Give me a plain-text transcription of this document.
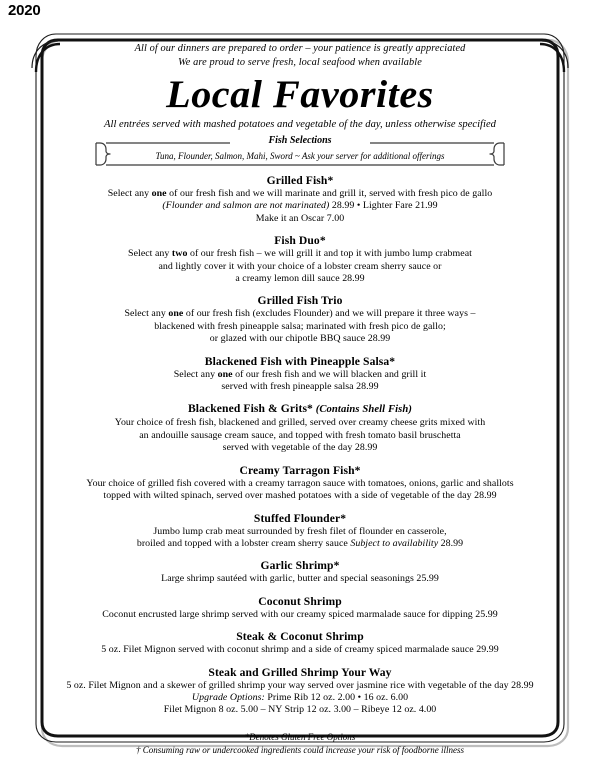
2020
All of our dinners are prepared to order – your patience is greatly appreciated
We are proud to serve fresh, local seafood when available
Local Favorites
All entrées served with mashed potatoes and vegetable of the day, unless otherwise specified
Fish Selections
Tuna, Flounder, Salmon, Mahi, Sword ~ Ask your server for additional offerings
Grilled Fish*
Select any one of our fresh fish and we will marinate and grill it, served with fresh pico de gallo
(Flounder and salmon are not marinated) 28.99 • Lighter Fare 21.99
Make it an Oscar 7.00
Fish Duo*
Select any two of our fresh fish – we will grill it and top it with jumbo lump crabmeat
and lightly cover it with your choice of a lobster cream sherry sauce or
a creamy lemon dill sauce 28.99
Grilled Fish Trio
Select any one of our fresh fish (excludes Flounder) and we will prepare it three ways –
blackened with fresh pineapple salsa; marinated with fresh pico de gallo;
or glazed with our chipotle BBQ sauce 28.99
Blackened Fish with Pineapple Salsa*
Select any one of our fresh fish and we will blacken and grill it
served with fresh pineapple salsa 28.99
Blackened Fish & Grits* (Contains Shell Fish)
Your choice of fresh fish, blackened and grilled, served over creamy cheese grits mixed with
an andouille sausage cream sauce, and topped with fresh tomato basil bruschetta
served with vegetable of the day 28.99
Creamy Tarragon Fish*
Your choice of grilled fish covered with a creamy tarragon sauce with tomatoes, onions, garlic and shallots
topped with wilted spinach, served over mashed potatoes with a side of vegetable of the day 28.99
Stuffed Flounder*
Jumbo lump crab meat surrounded by fresh filet of flounder en casserole,
broiled and topped with a lobster cream sherry sauce Subject to availability 28.99
Garlic Shrimp*
Large shrimp sautéed with garlic, butter and special seasonings 25.99
Coconut Shrimp
Coconut encrusted large shrimp served with our creamy spiced marmalade sauce for dipping 25.99
Steak & Coconut Shrimp
5 oz. Filet Mignon served with coconut shrimp and a side of creamy spiced marmalade sauce 29.99
Steak and Grilled Shrimp Your Way
5 oz. Filet Mignon and a skewer of grilled shrimp your way served over jasmine rice with vegetable of the day 28.99
Upgrade Options: Prime Rib 12 oz. 2.00 • 16 oz. 6.00
Filet Mignon 8 oz. 5.00 – NY Strip 12 oz. 3.00 – Ribeye 12 oz. 4.00
*Denotes Gluten Free Options
† Consuming raw or undercooked ingredients could increase your risk of foodborne illness
